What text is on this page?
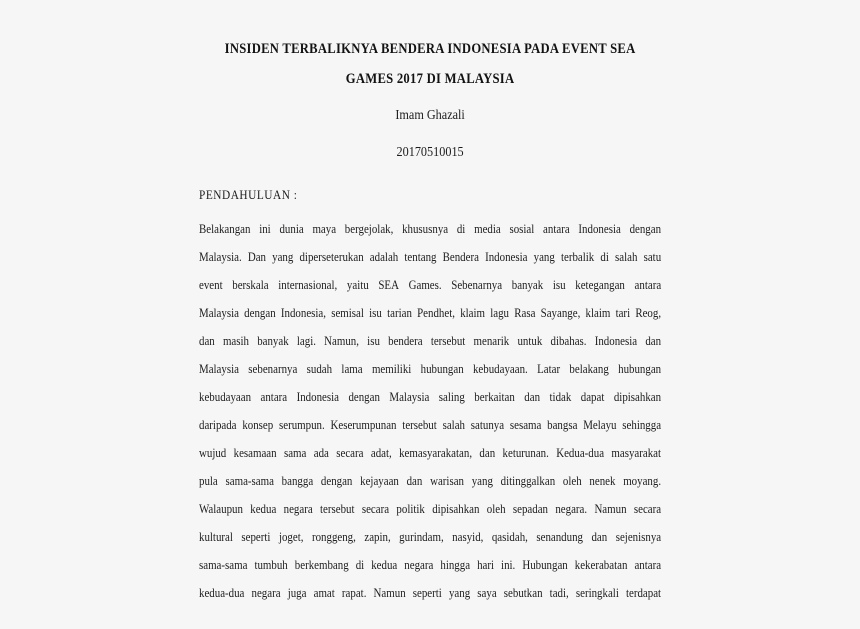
INSIDEN TERBALIKNYA BENDERA INDONESIA PADA EVENT SEA
GAMES 2017 DI MALAYSIA
Imam Ghazali
20170510015
PENDAHULUAN :
Belakangan ini dunia maya bergejolak, khususnya di media sosial antara Indonesia dengan
Malaysia. Dan yang diperseterukan adalah tentang Bendera Indonesia yang terbalik di salah satu
event berskala internasional, yaitu SEA Games. Sebenarnya banyak isu ketegangan antara
Malaysia dengan Indonesia, semisal isu tarian Pendhet, klaim lagu Rasa Sayange, klaim tari Reog,
dan masih banyak lagi. Namun, isu bendera tersebut menarik untuk dibahas. Indonesia dan
Malaysia sebenarnya sudah lama memiliki hubungan kebudayaan. Latar belakang hubungan
kebudayaan antara Indonesia dengan Malaysia saling berkaitan dan tidak dapat dipisahkan
daripada konsep serumpun. Keserumpunan tersebut salah satunya sesama bangsa Melayu sehingga
wujud kesamaan sama ada secara adat, kemasyarakatan, dan keturunan. Kedua-dua masyarakat
pula sama-sama bangga dengan kejayaan dan warisan yang ditinggalkan oleh nenek moyang.
Walaupun kedua negara tersebut secara politik dipisahkan oleh sepadan negara. Namun secara
kultural seperti joget, ronggeng, zapin, gurindam, nasyid, qasidah, senandung dan sejenisnya
sama-sama tumbuh berkembang di kedua negara hingga hari ini. Hubungan kekerabatan antara
kedua-dua negara juga amat rapat. Namun seperti yang saya sebutkan tadi, seringkali terdapat
